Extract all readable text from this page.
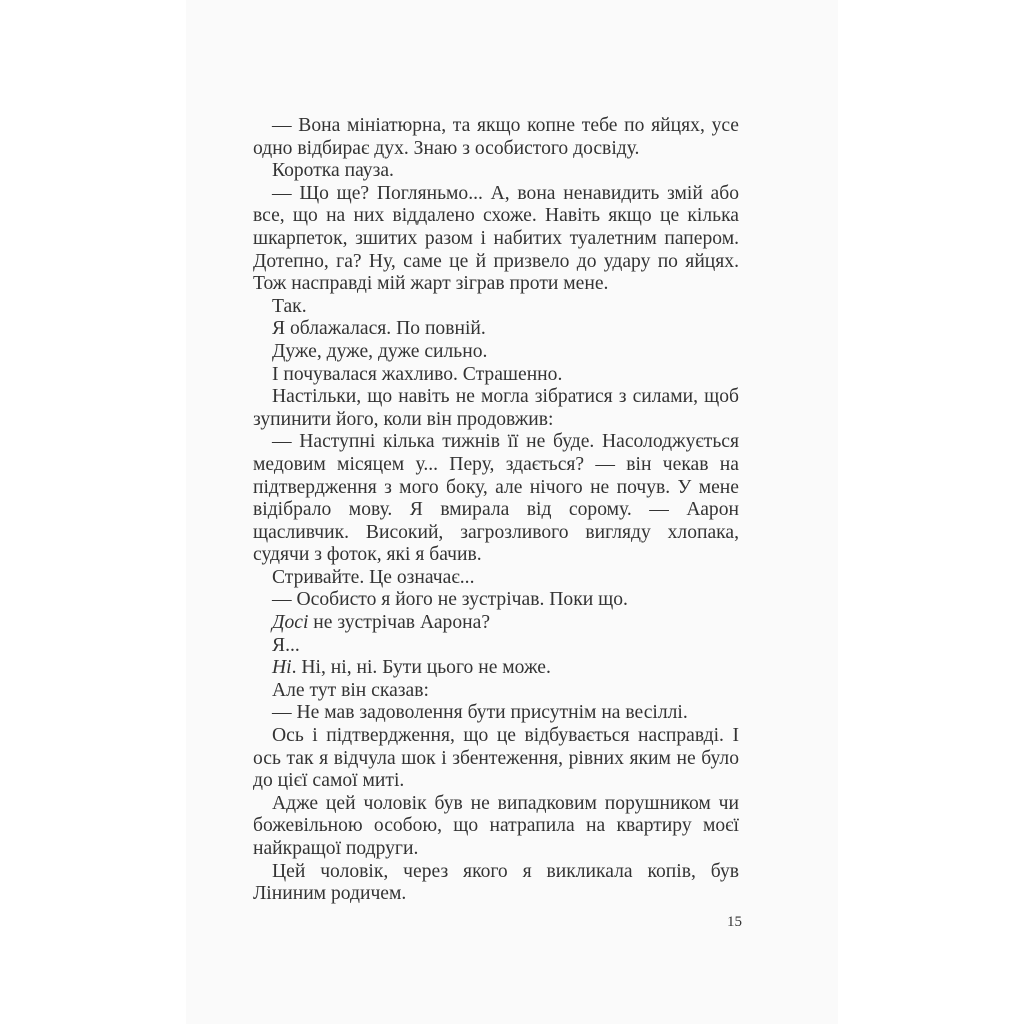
— Вона мініатюрна, та якщо копне тебе по яйцях, усе одно відбирає дух. Знаю з особистого досвіду.

Коротка пауза.

— Що ще? Погляньмо... А, вона ненавидить змій або все, що на них віддалено схоже. Навіть якщо це кілька шкарпеток, зшитих разом і набитих туалетним папером. Дотепно, га? Ну, саме це й призвело до удару по яйцях. Тож насправді мій жарт зіграв проти мене.

Так.

Я облажалася. По повній.

Дуже, дуже, дуже сильно.

І почувалася жахливо. Страшенно.

Настільки, що навіть не могла зібратися з силами, щоб зупинити його, коли він продовжив:

— Наступні кілька тижнів її не буде. Насолоджується медовим місяцем у... Перу, здається? — він чекав на підтвердження з мого боку, але нічого не почув. У мене відібрало мову. Я вмирала від сорому. — Аарон щасливчик. Високий, загрозливого вигляду хлопака, судячи з фоток, які я бачив.

Стривайте. Це означає...

— Особисто я його не зустрічав. Поки що.

Досі не зустрічав Аарона?

Я...

Ні. Ні, ні, ні. Бути цього не може.

Але тут він сказав:

— Не мав задоволення бути присутнім на весіллі.

Ось і підтвердження, що це відбувається насправді. І ось так я відчула шок і збентеження, рівних яким не було до цієї самої миті.

Адже цей чоловік був не випадковим порушником чи божевільною особою, що натрапила на квартиру моєї найкращої подруги.

Цей чоловік, через якого я викликала копів, був Ліниним родичем.

15
